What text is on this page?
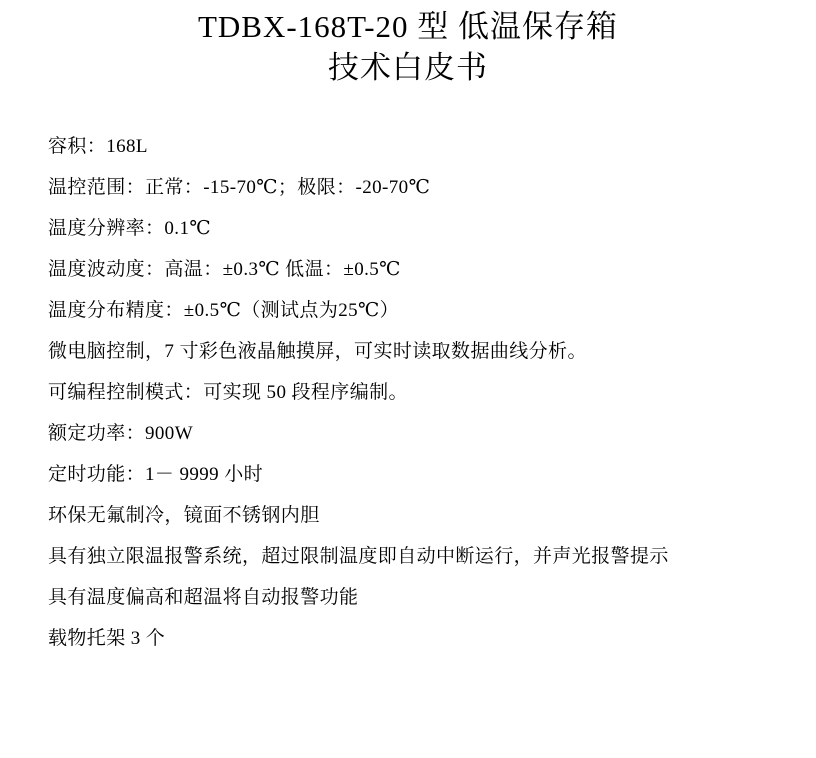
TDBX-168T-20 型 低温保存箱
技术白皮书
容积：168L
温控范围：正常：-15-70℃；极限：-20-70℃
温度分辨率：0.1℃
温度波动度：高温：±0.3℃ 低温：±0.5℃
温度分布精度：±0.5℃（测试点为25℃）
微电脑控制，7 寸彩色液晶触摸屏，可实时读取数据曲线分析。
可编程控制模式：可实现 50 段程序编制。
额定功率：900W
定时功能：1－ 9999 小时
环保无氟制冷，镜面不锈钢内胆
具有独立限温报警系统，超过限制温度即自动中断运行，并声光报警提示
具有温度偏高和超温将自动报警功能
载物托架 3 个
